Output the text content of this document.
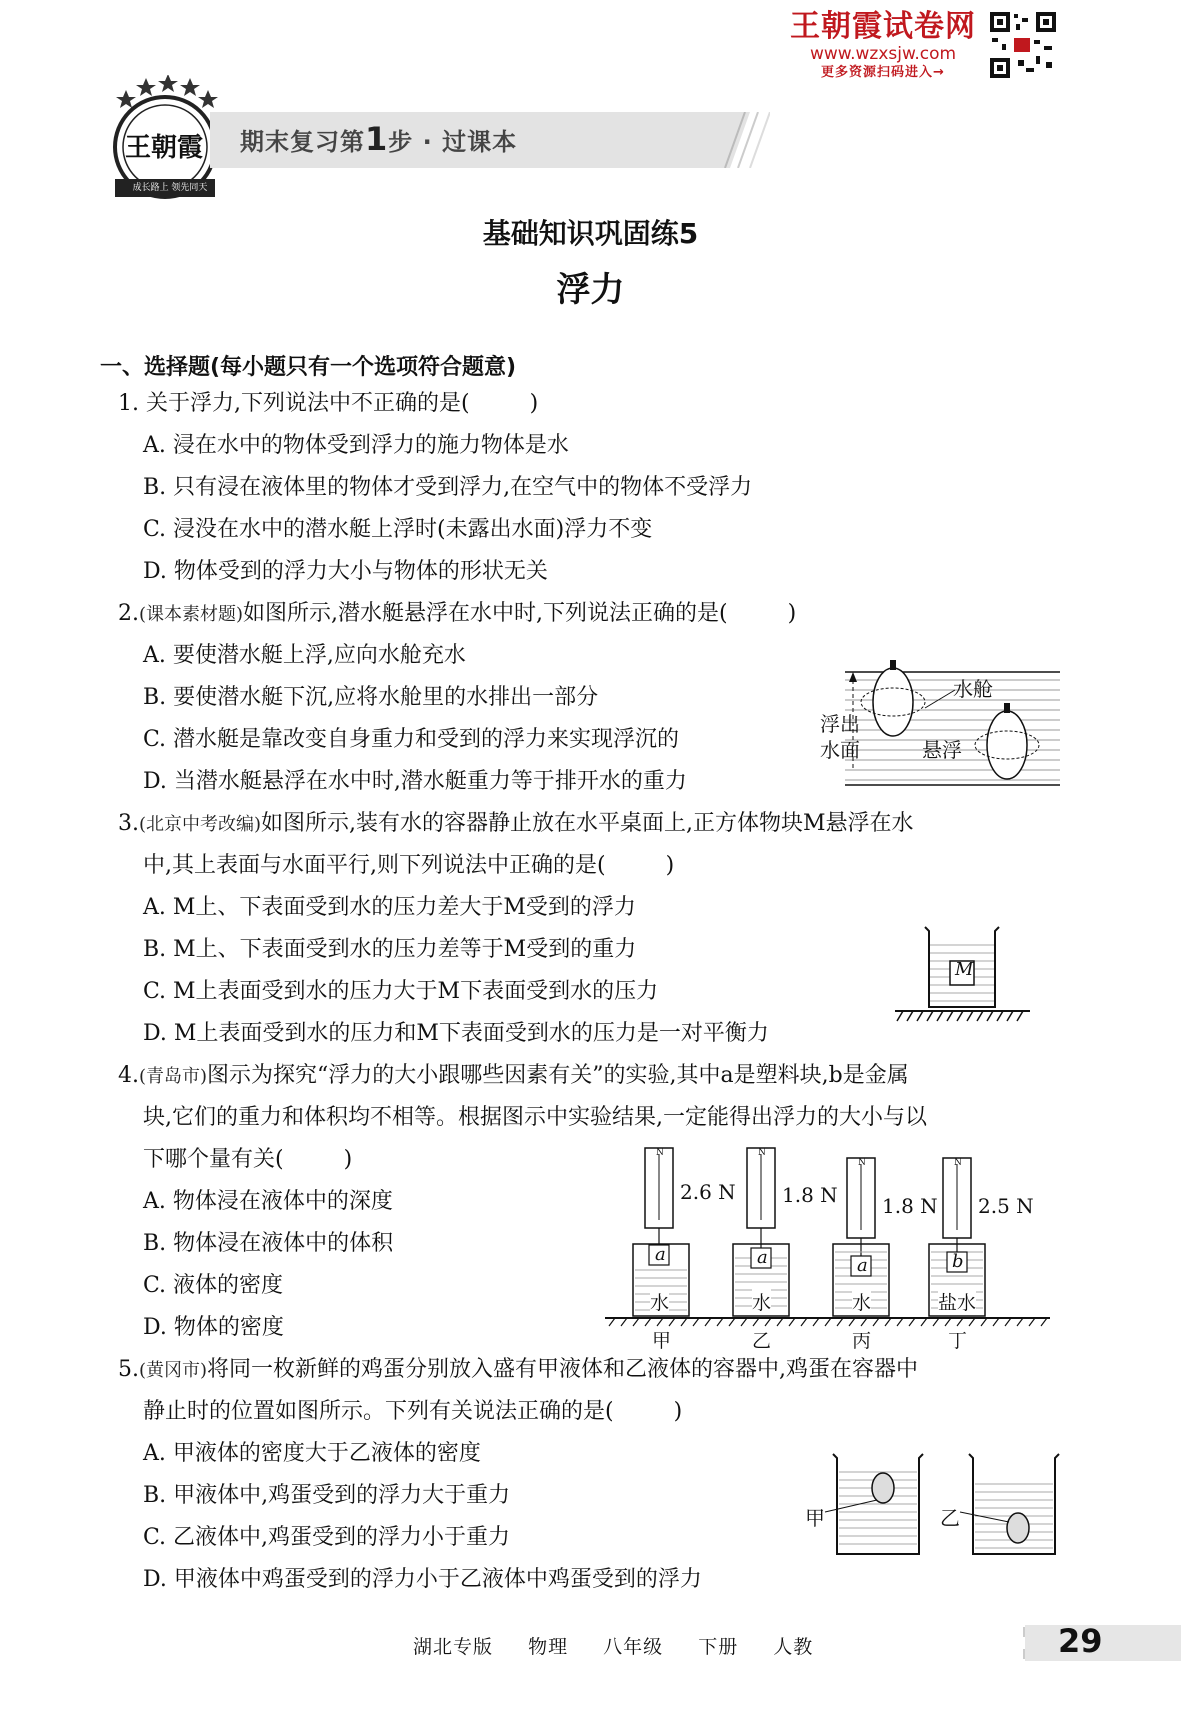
王朝霞试卷网
www.wzxsjw.com
更多资源扫码进入→
王朝霞
成长路上 领先同天
期末复习第1步 · 过课本
基础知识巩固练5
浮力
一、选择题(每小题只有一个选项符合题意)
1. 关于浮力,下列说法中不正确的是(	)
A. 浸在水中的物体受到浮力的施力物体是水
B. 只有浸在液体里的物体才受到浮力,在空气中的物体不受浮力
C. 浸没在水中的潜水艇上浮时(未露出水面)浮力不变
D. 物体受到的浮力大小与物体的形状无关
2.(课本素材题)如图所示,潜水艇悬浮在水中时,下列说法正确的是(	)
A. 要使潜水艇上浮,应向水舱充水
B. 要使潜水艇下沉,应将水舱里的水排出一部分
C. 潜水艇是靠改变自身重力和受到的浮力来实现浮沉的
D. 当潜水艇悬浮在水中时,潜水艇重力等于排开水的重力
水舱
浮出
水面	悬浮
3.(北京中考改编)如图所示,装有水的容器静止放在水平桌面上,正方体物块M悬浮在水
中,其上表面与水面平行,则下列说法中正确的是(	)
A. M上、下表面受到水的压力差大于M受到的浮力
B. M上、下表面受到水的压力差等于M受到的重力
C. M上表面受到水的压力大于M下表面受到水的压力
D. M上表面受到水的压力和M下表面受到水的压力是一对平衡力
M
4.(青岛市)图示为探究“浮力的大小跟哪些因素有关”的实验,其中a是塑料块,b是金属
块,它们的重力和体积均不相等。根据图示中实验结果,一定能得出浮力的大小与以
下哪个量有关(	)
A. 物体浸在液体中的深度
B. 物体浸在液体中的体积
C. 液体的密度
D. 物体的密度
N	N
N	N
2.6 N 1.8 N 1.8 N 2.5 N
a	a	a	b
水	水	水	盐水
甲	乙	丙	丁
5.(黄冈市)将同一枚新鲜的鸡蛋分别放入盛有甲液体和乙液体的容器中,鸡蛋在容器中
静止时的位置如图所示。下列有关说法正确的是(	)
A. 甲液体的密度大于乙液体的密度
B. 甲液体中,鸡蛋受到的浮力大于重力
C. 乙液体中,鸡蛋受到的浮力小于重力
D. 甲液体中鸡蛋受到的浮力小于乙液体中鸡蛋受到的浮力
甲	乙
湖北专版 物理 八年级 下册 人教	29
